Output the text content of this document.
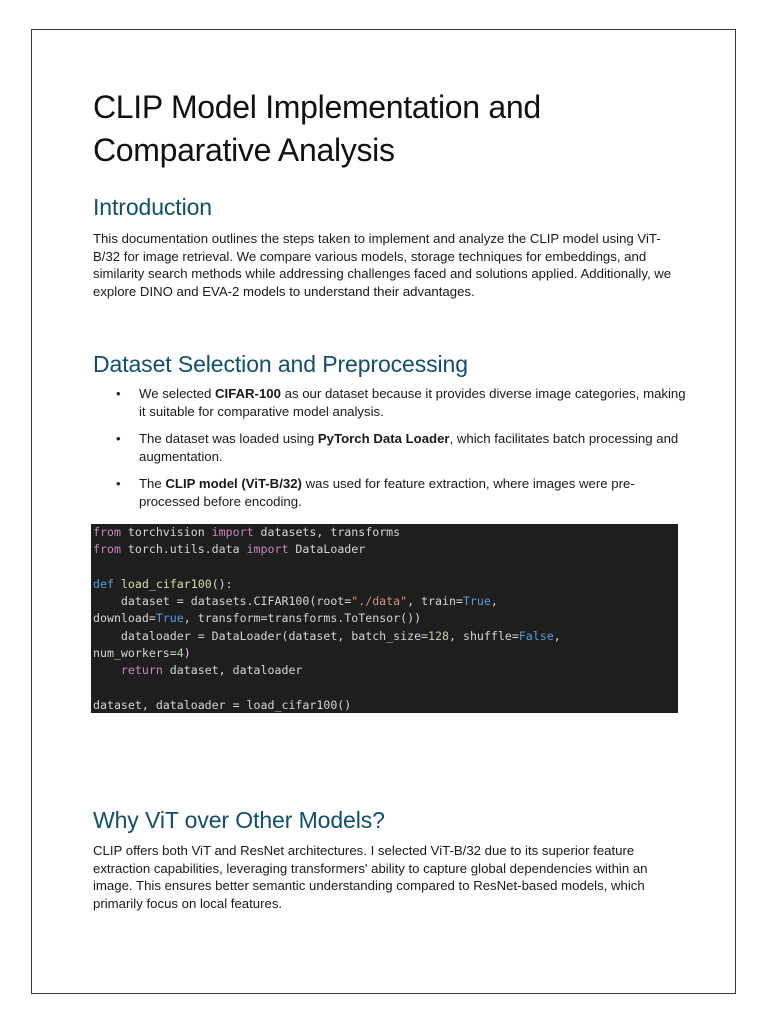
CLIP Model Implementation and Comparative Analysis
Introduction

This documentation outlines the steps taken to implement and analyze the CLIP model using ViT-B/32 for image retrieval. We compare various models, storage techniques for embeddings, and similarity search methods while addressing challenges faced and solutions applied. Additionally, we explore DINO and EVA-2 models to understand their advantages.

Dataset Selection and Preprocessing
• We selected CIFAR-100 as our dataset because it provides diverse image categories, making it suitable for comparative model analysis.
• The dataset was loaded using PyTorch Data Loader, which facilitates batch processing and augmentation.
• The CLIP model (ViT-B/32) was used for feature extraction, where images were pre-processed before encoding.
from torchvision import datasets, transforms
from torch.utils.data import DataLoader

def load_cifar100():
dataset = datasets.CIFAR100(root="./data", train=True,
download=True, transform=transforms.ToTensor())
dataloader = DataLoader(dataset, batch_size=128, shuffle=False,
num_workers=4)
return dataset, dataloader

dataset, dataloader = load_cifar100()
Why ViT over Other Models?

CLIP offers both ViT and ResNet architectures. I selected ViT-B/32 due to its superior feature extraction capabilities, leveraging transformers' ability to capture global dependencies within an image. This ensures better semantic understanding compared to ResNet-based models, which primarily focus on local features.
